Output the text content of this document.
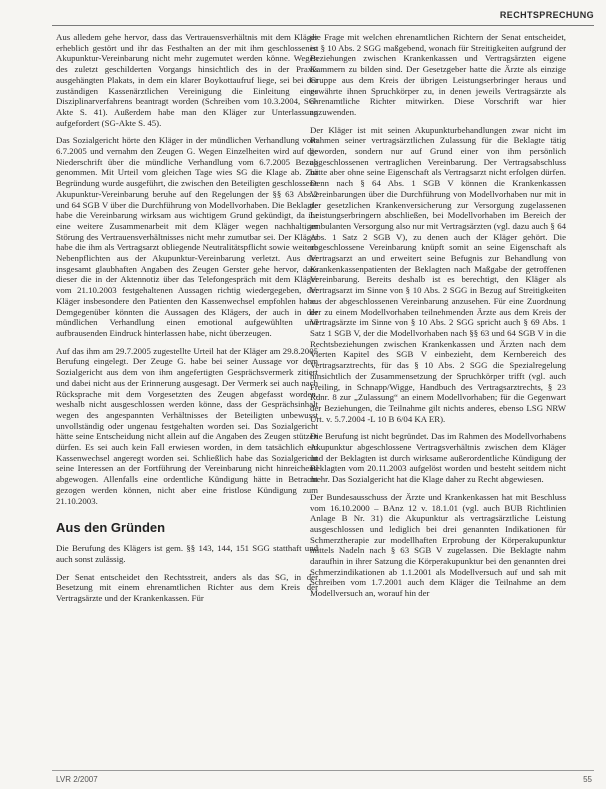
RECHTSPRECHUNG

Aus alledem gehe hervor, dass das Vertrauensverhältnis mit dem Kläger erheblich gestört und ihr das Festhalten an der mit ihm geschlossenen Akupunktur-Vereinbarung nicht mehr zugemutet werden könne. Wegen des zuletzt geschilderten Vorgangs hinsichtlich des in der Praxis ausgehängten Plakats, in dem ein klarer Boykottaufruf liege, sei bei der zuständigen Kassenärztlichen Vereinigung die Einleitung eines Disziplinarverfahrens beantragt worden (Schreiben vom 10.3.2004, SG-Akte S. 41). Außerdem habe man den Kläger zur Unterlassung aufgefordert (SG-Akte S. 45).

Das Sozialgericht hörte den Kläger in der mündlichen Verhandlung vom 6.7.2005 und vernahm den Zeugen G. Wegen Einzelheiten wird auf die Niederschrift über die mündliche Verhandlung vom 6.7.2005 Bezug genommen. Mit Urteil vom gleichen Tage wies SG die Klage ab. Zur Begründung wurde ausgeführt, die zwischen den Beteiligten geschlossene Akupunktur-Vereinbarung beruhe auf den Regelungen der §§ 63 Abs.2 und 64 SGB V über die Durchführung von Modellvorhaben. Die Beklagte habe die Vereinbarung wirksam aus wichtigem Grund gekündigt, da ihr eine weitere Zusammenarbeit mit dem Kläger wegen nachhaltiger Störung des Vertrauensverhältnisses nicht mehr zumutbar sei. Der Kläger habe die ihm als Vertragsarzt obliegende Neutralitätspflicht sowie weitere Nebenpflichten aus der Akupunktur-Vereinbarung verletzt. Aus der insgesamt glaubhaften Angaben des Zeugen Gerster gehe hervor, dass dieser die in der Aktennotiz über das Telefongespräch mit dem Kläger vom 21.10.2003 festgehaltenen Aussagen richtig wiedergegeben, der Kläger insbesondere den Patienten den Kassenwechsel empfohlen habe. Demgegenüber könnten die Aussagen des Klägers, der auch in der mündlichen Verhandlung einen emotional aufgewühlten und aufbrausenden Eindruck hinterlassen habe, nicht überzeugen.

Auf das ihm am 29.7.2005 zugestellte Urteil hat der Kläger am 29.8.2005 Berufung eingelegt. Der Zeuge G. habe bei seiner Aussage vor dem Sozialgericht aus dem von ihm angefertigten Gesprächsvermerk zitiert und dabei nicht aus der Erinnerung ausgesagt. Der Vermerk sei auch nach Rücksprache mit dem Vorgesetzten des Zeugen abgefasst worden, weshalb nicht ausgeschlossen werden könne, dass der Gesprächsinhalt wegen des angespannten Verhältnisses der Beteiligten unbewusst unvollständig oder ungenau festgehalten worden sei. Das Sozialgericht hätte seine Entscheidung nicht allein auf die Angaben des Zeugen stützen dürfen. Es sei auch kein Fall erwiesen worden, in dem tatsächlich ein Kassenwechsel angeregt worden sei. Schließlich habe das Sozialgericht seine Interessen an der Fortführung der Vereinbarung nicht hinreichend abgewogen. Allenfalls eine ordentliche Kündigung hätte in Betracht gezogen werden können, nicht aber eine fristlose Kündigung zum 21.10.2003.

Aus den Gründen

Die Berufung des Klägers ist gem. §§ 143, 144, 151 SGG statthaft und auch sonst zulässig.

Der Senat entscheidet den Rechtsstreit, anders als das SG, in der Besetzung mit einem ehrenamtlichen Richter aus dem Kreis der Vertragsärzte und der Krankenkassen. Für

die Frage mit welchen ehrenamtlichen Richtern der Senat entscheidet, ist § 10 Abs. 2 SGG maßgebend, wonach für Streitigkeiten aufgrund der Beziehungen zwischen Krankenkassen und Vertragsärzten eigene Kammern zu bilden sind. Der Gesetzgeber hatte die Ärzte als einzige Gruppe aus dem Kreis der übrigen Leistungserbringer heraus und gewährte ihnen Spruchkörper zu, in denen jeweils Vertragsärzte als ehrenamtliche Richter mitwirken. Diese Vorschrift war hier anzuwenden.

Der Kläger ist mit seinen Akupunkturbehandlungen zwar nicht im Rahmen seiner vertragsärztlichen Zulassung für die Beklagte tätig geworden, sondern nur auf Grund einer von ihm persönlich abgeschlossenen vertraglichen Vereinbarung. Der Vertragsabschluss hätte aber ohne seine Eigenschaft als Vertragsarzt nicht erfolgen dürfen. Denn nach § 64 Abs. 1 SGB V können die Krankenkassen Vereinbarungen über die Durchführung von Modellvorhaben nur mit in der gesetzlichen Krankenversicherung zur Versorgung zugelassenen Leistungserbringern abschließen, bei Modellvorhaben im Bereich der ambulanten Versorgung also nur mit Vertragsärzten (vgl. dazu auch § 64 Abs. 1 Satz 2 SGB V), zu denen auch der Kläger gehört. Die abgeschlossene Vereinbarung knüpft somit an seine Eigenschaft als Vertragsarzt an und erweitert seine Befugnis zur Behandlung von Krankenkassenpatienten der Beklagten nach Maßgabe der getroffenen Vereinbarung. Bereits deshalb ist es berechtigt, den Kläger als Vertragsarzt im Sinne von § 10 Abs. 2 SGG in Bezug auf Streitigkeiten aus der abgeschlossenen Vereinbarung anzusehen. Für eine Zuordnung der zu einem Modellvorhaben teilnehmenden Ärzte aus dem Kreis der Vertragsärzte im Sinne von § 10 Abs. 2 SGG spricht auch § 69 Abs. 1 Satz 1 SGB V, der die Modellvorhaben nach §§ 63 und 64 SGB V in die Rechtsbeziehungen zwischen Krankenkassen und Ärzten nach dem Vierten Kapitel des SGB V einbezieht, dem Kernbereich des Vertragsarztrechts, für das § 10 Abs. 2 SGG die Spezialregelung hinsichtlich der Zusammensetzung der Spruchkörper trifft (vgl. auch Freiling, in Schnapp/Wigge, Handbuch des Vertragsarztrechts, § 23 Rdnr. 8 zur „Zulassung“ an einem Modellvorhaben; für die Gegenwart der Beziehungen, die Teilnahme gilt nichts anderes, ebenso LSG NRW Urt. v. 5.7.2004 -L 10 B 6/04 KA ER).

Die Berufung ist nicht begründet. Das im Rahmen des Modellvorhabens Akupunktur abgeschlossene Vertragsverhältnis zwischen dem Kläger und der Beklagten ist durch wirksame außerordentliche Kündigung der Beklagten vom 20.11.2003 aufgelöst worden und besteht seitdem nicht mehr. Das Sozialgericht hat die Klage daher zu Recht abgewiesen.

Der Bundesausschuss der Ärzte und Krankenkassen hat mit Beschluss vom 16.10.2000 – BAnz 12 v. 18.1.01 (vgl. auch BUB Richtlinien Anlage B Nr. 31) die Akupunktur als vertragsärztliche Leistung ausgeschlossen und lediglich bei drei genannten Indikationen für Schmerztherapie zur modellhaften Erprobung der Körperakupunktur mittels Nadeln nach § 63 SGB V zugelassen. Die Beklagte nahm daraufhin in ihrer Satzung die Körperakupunktur bei den genannten drei Schmerzindikationen ab 1.1.2001 als Modellversuch auf und sah mit Schreiben vom 1.7.2001 auch dem Kläger die Teilnahme an dem Modellversuch an, worauf hin der

LVR 2/2007	55
